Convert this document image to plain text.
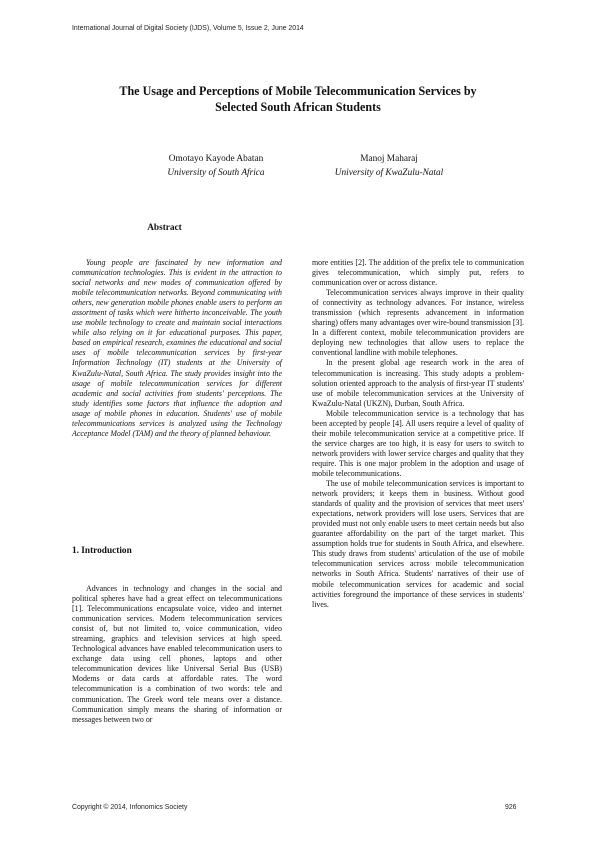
International Journal of Digital Society (IJDS), Volume 5, Issue 2, June 2014
The Usage and Perceptions of Mobile Telecommunication Services by
Selected South African Students
Omotayo Kayode Abatan
University of South Africa
Manoj Maharaj
University of KwaZulu-Natal
Abstract

Young people are fascinated by new information and communication technologies. This is evident in the attraction to social networks and new modes of communication offered by mobile telecommunication networks. Beyond communicating with others, new generation mobile phones enable users to perform an assortment of tasks which were hitherto inconceivable. The youth use mobile technology to create and maintain social interactions while also relying on it for educational purposes. This paper, based on empirical research, examines the educational and social uses of mobile telecommunication services by first-year Information Technology (IT) students at the University of KwaZulu-Natal, South Africa. The study provides insight into the usage of mobile telecommunication services for different academic and social activities from students' perceptions. The study identifies some factors that influence the adoption and usage of mobile phones in education. Students' use of mobile telecommunications services is analyzed using the Technology Acceptance Model (TAM) and the theory of planned behaviour.

1. Introduction

Advances in technology and changes in the social and political spheres have had a great effect on telecommunications [1]. Telecommunications encapsulate voice, video and internet communication services. Modern telecommunication services consist of, but not limited to, voice communication, video streaming, graphics and television services at high speed. Technological advances have enabled telecommunication users to exchange data using cell phones, laptops and other telecommunication devices like Universal Serial Bus (USB) Modems or data cards at affordable rates. The word telecommunication is a combination of two words: tele and communication. The Greek word tele means over a distance. Communication simply means the sharing of information or messages between two or

more entities [2]. The addition of the prefix tele to communication gives telecommunication, which simply put, refers to communication over or across distance.

Telecommunication services always improve in their quality of connectivity as technology advances. For instance, wireless transmission (which represents advancement in information sharing) offers many advantages over wire-bound transmission [3]. In a different context, mobile telecommunication providers are deploying new technologies that allow users to replace the conventional landline with mobile telephones.

In the present global age research work in the area of telecommunication is increasing. This study adopts a problem-solution oriented approach to the analysis of first-year IT students' use of mobile telecommunication services at the University of KwaZulu-Natal (UKZN), Durban, South Africa.

Mobile telecommunication service is a technology that has been accepted by people [4]. All users require a level of quality of their mobile telecommunication service at a competitive price. If the service charges are too high, it is easy for users to switch to network providers with lower service charges and quality that they require. This is one major problem in the adoption and usage of mobile telecommunications.

The use of mobile telecommunication services is important to network providers; it keeps them in business. Without good standards of quality and the provision of services that meet users' expectations, network providers will lose users. Services that are provided must not only enable users to meet certain needs but also guarantee affordability on the part of the target market. This assumption holds true for students in South Africa, and elsewhere. This study draws from students' articulation of the use of mobile telecommunication services across mobile telecommunication networks in South Africa. Students' narratives of their use of mobile telecommunication services for academic and social activities foreground the importance of these services in students' lives.

Copyright © 2014, Infonomics Society	926
